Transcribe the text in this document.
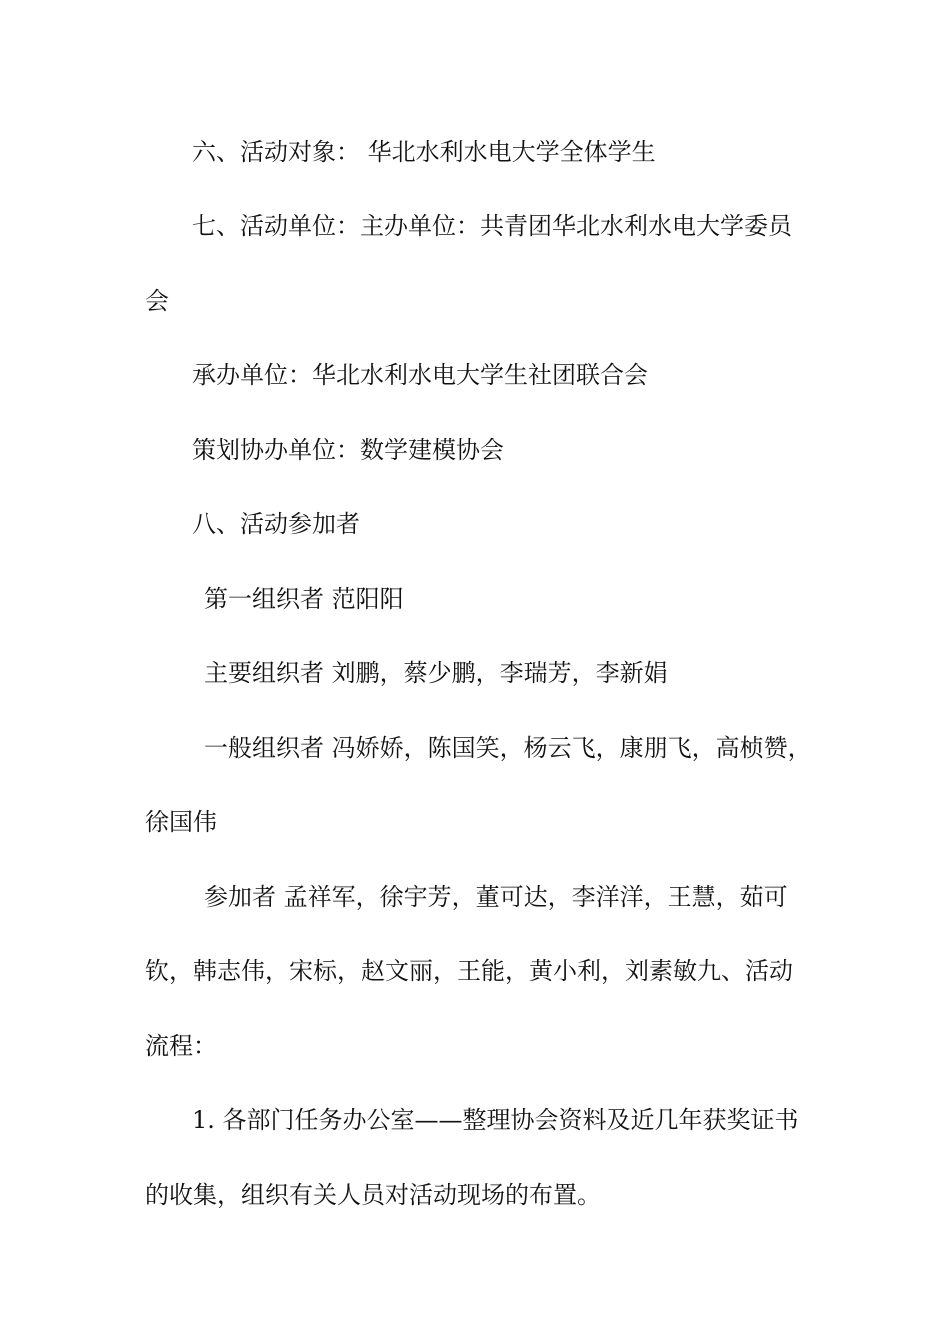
六、活动对象： 华北水利水电大学全体学生
七、活动单位：主办单位：共青团华北水利水电大学委员
会
承办单位：华北水利水电大学生社团联合会
策划协办单位：数学建模协会
八、活动参加者
第一组织者 范阳阳
主要组织者 刘鹏，蔡少鹏，李瑞芳，李新娟
一般组织者 冯娇娇，陈国笑，杨云飞，康朋飞，高桢赞，
徐国伟
参加者 孟祥军，徐宇芳，董可达，李洋洋，王慧，茹可
钦，韩志伟，宋标，赵文丽，王能，黄小利，刘素敏九、活动
流程：
1. 各部门任务办公室——整理协会资料及近几年获奖证书
的收集，组织有关人员对活动现场的布置。
